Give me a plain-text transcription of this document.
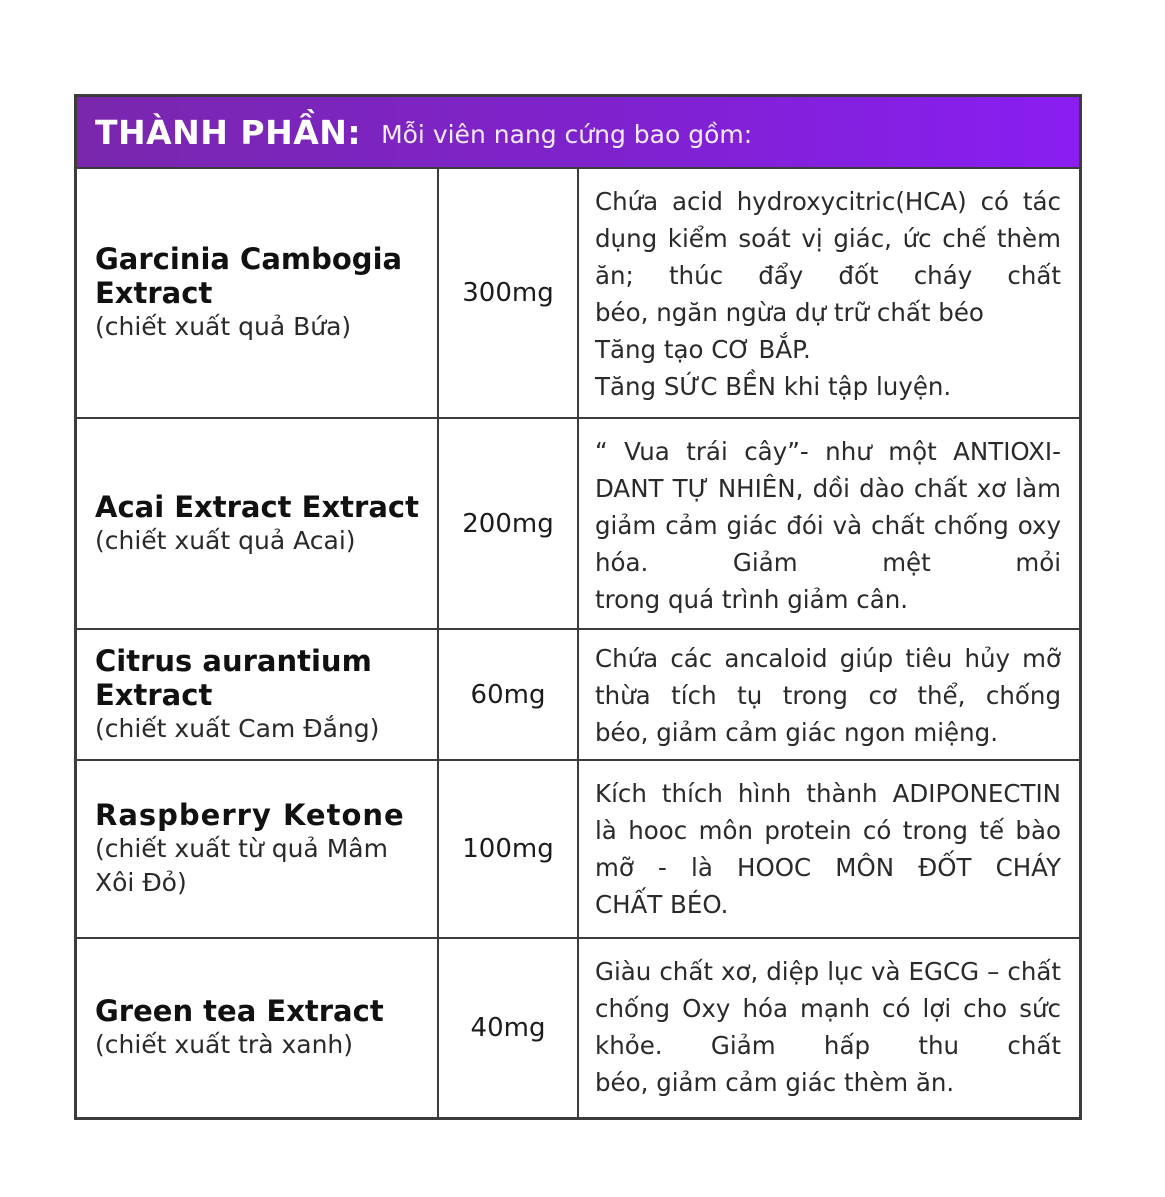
THÀNH PHẦN: Mỗi viên nang cứng bao gồm:
Garcinia Cambogia Extract
(chiết xuất quả Bứa)
300mg
Chứa acid hydroxycitric(HCA) có tác dụng kiểm soát vị giác, ức chế thèm ăn; thúc đẩy đốt cháy chất
béo, ngăn ngừa dự trữ chất béo
Tăng tạo CƠ BẮP.
Tăng SỨC BỀN khi tập luyện.
Acai Extract Extract
(chiết xuất quả Acai)
200mg
“ Vua trái cây”- như một ANTIOXI-DANT TỰ NHIÊN, dồi dào chất xơ làm giảm cảm giác đói và chất chống oxy hóa. Giảm mệt mỏi
trong quá trình giảm cân.
Citrus aurantium Extract
(chiết xuất Cam Đắng)
60mg
Chứa các ancaloid giúp tiêu hủy mỡ thừa tích tụ trong cơ thể, chống
béo, giảm cảm giác ngon miệng.
Raspberry Ketone
(chiết xuất từ quả Mâm Xôi Đỏ)
100mg
Kích thích hình thành ADIPONECTIN là hooc môn protein có trong tế bào mỡ - là HOOC MÔN ĐỐT CHÁY
CHẤT BÉO.
Green tea Extract
(chiết xuất trà xanh)
40mg
Giàu chất xơ, diệp lục và EGCG – chất chống Oxy hóa mạnh có lợi cho sức khỏe. Giảm hấp thu chất
béo, giảm cảm giác thèm ăn.
